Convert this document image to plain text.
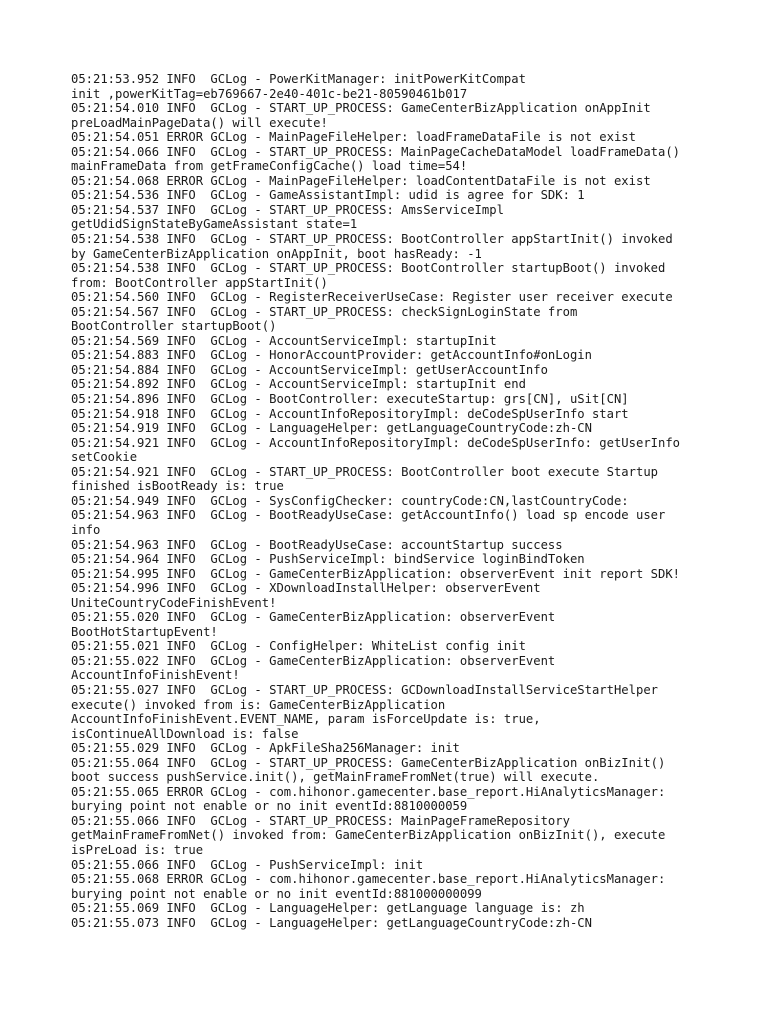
05:21:53.952 INFO  GCLog - PowerKitManager: initPowerKitCompat
init ,powerKitTag=eb769667-2e40-401c-be21-80590461b017
05:21:54.010 INFO  GCLog - START_UP_PROCESS: GameCenterBizApplication onAppInit
preLoadMainPageData() will execute!
05:21:54.051 ERROR GCLog - MainPageFileHelper: loadFrameDataFile is not exist
05:21:54.066 INFO  GCLog - START_UP_PROCESS: MainPageCacheDataModel loadFrameData()
mainFrameData from getFrameConfigCache() load time=54!
05:21:54.068 ERROR GCLog - MainPageFileHelper: loadContentDataFile is not exist
05:21:54.536 INFO  GCLog - GameAssistantImpl: udid is agree for SDK: 1
05:21:54.537 INFO  GCLog - START_UP_PROCESS: AmsServiceImpl
getUdidSignStateByGameAssistant state=1
05:21:54.538 INFO  GCLog - START_UP_PROCESS: BootController appStartInit() invoked
by GameCenterBizApplication onAppInit, boot hasReady: -1
05:21:54.538 INFO  GCLog - START_UP_PROCESS: BootController startupBoot() invoked
from: BootController appStartInit()
05:21:54.560 INFO  GCLog - RegisterReceiverUseCase: Register user receiver execute
05:21:54.567 INFO  GCLog - START_UP_PROCESS: checkSignLoginState from
BootController startupBoot()
05:21:54.569 INFO  GCLog - AccountServiceImpl: startupInit
05:21:54.883 INFO  GCLog - HonorAccountProvider: getAccountInfo#onLogin
05:21:54.884 INFO  GCLog - AccountServiceImpl: getUserAccountInfo
05:21:54.892 INFO  GCLog - AccountServiceImpl: startupInit end
05:21:54.896 INFO  GCLog - BootController: executeStartup: grs[CN], uSit[CN]
05:21:54.918 INFO  GCLog - AccountInfoRepositoryImpl: deCodeSpUserInfo start
05:21:54.919 INFO  GCLog - LanguageHelper: getLanguageCountryCode:zh-CN
05:21:54.921 INFO  GCLog - AccountInfoRepositoryImpl: deCodeSpUserInfo: getUserInfo
setCookie
05:21:54.921 INFO  GCLog - START_UP_PROCESS: BootController boot execute Startup
finished isBootReady is: true
05:21:54.949 INFO  GCLog - SysConfigChecker: countryCode:CN,lastCountryCode:
05:21:54.963 INFO  GCLog - BootReadyUseCase: getAccountInfo() load sp encode user
info
05:21:54.963 INFO  GCLog - BootReadyUseCase: accountStartup success
05:21:54.964 INFO  GCLog - PushServiceImpl: bindService loginBindToken
05:21:54.995 INFO  GCLog - GameCenterBizApplication: observerEvent init report SDK!
05:21:54.996 INFO  GCLog - XDownloadInstallHelper: observerEvent
UniteCountryCodeFinishEvent!
05:21:55.020 INFO  GCLog - GameCenterBizApplication: observerEvent
BootHotStartupEvent!
05:21:55.021 INFO  GCLog - ConfigHelper: WhiteList config init
05:21:55.022 INFO  GCLog - GameCenterBizApplication: observerEvent
AccountInfoFinishEvent!
05:21:55.027 INFO  GCLog - START_UP_PROCESS: GCDownloadInstallServiceStartHelper
execute() invoked from is: GameCenterBizApplication
AccountInfoFinishEvent.EVENT_NAME, param isForceUpdate is: true,
isContinueAllDownload is: false
05:21:55.029 INFO  GCLog - ApkFileSha256Manager: init
05:21:55.064 INFO  GCLog - START_UP_PROCESS: GameCenterBizApplication onBizInit()
boot success pushService.init(), getMainFrameFromNet(true) will execute.
05:21:55.065 ERROR GCLog - com.hihonor.gamecenter.base_report.HiAnalyticsManager:
burying point not enable or no init eventId:8810000059
05:21:55.066 INFO  GCLog - START_UP_PROCESS: MainPageFrameRepository
getMainFrameFromNet() invoked from: GameCenterBizApplication onBizInit(), execute
isPreLoad is: true
05:21:55.066 INFO  GCLog - PushServiceImpl: init
05:21:55.068 ERROR GCLog - com.hihonor.gamecenter.base_report.HiAnalyticsManager:
burying point not enable or no init eventId:881000000099
05:21:55.069 INFO  GCLog - LanguageHelper: getLanguage language is: zh
05:21:55.073 INFO  GCLog - LanguageHelper: getLanguageCountryCode:zh-CN
